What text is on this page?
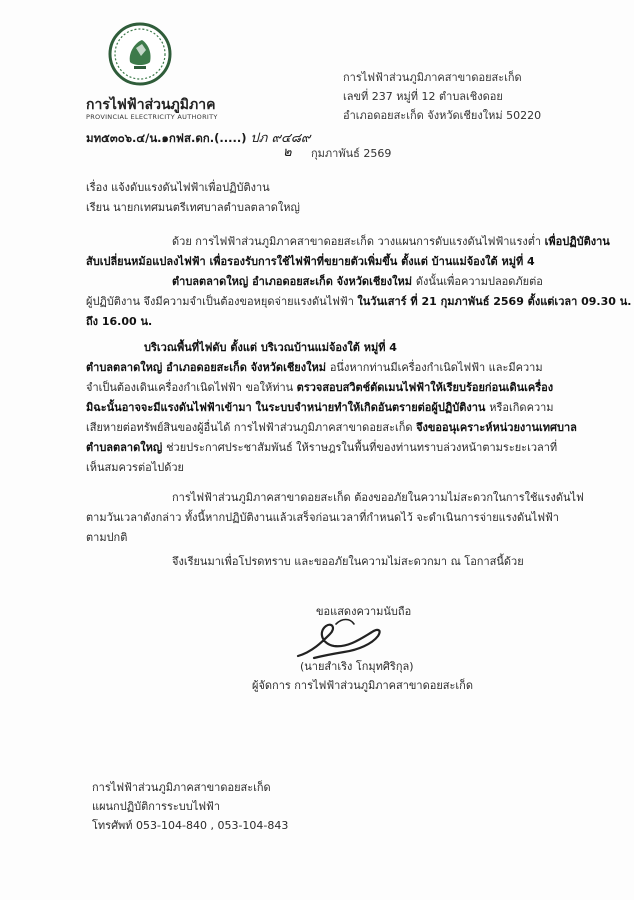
การไฟฟ้าส่วนภูมิภาค
PROVINCIAL ELECTRICITY AUTHORITY
มท๕๓๐๖.๔/น.๑กฟส.ดก.(.....) ปภ ๙๔๘๙
การไฟฟ้าส่วนภูมิภาคสาขาดอยสะเก็ด
เลขที่ 237 หมู่ที่ 12 ตำบลเชิงดอย
อำเภอดอยสะเก็ด จังหวัดเชียงใหม่ 50220
๒ กุมภาพันธ์ 2569
เรื่อง แจ้งดับแรงดันไฟฟ้าเพื่อปฏิบัติงาน
เรียน นายกเทศมนตรีเทศบาลตำบลตลาดใหญ่
ด้วย การไฟฟ้าส่วนภูมิภาคสาขาดอยสะเก็ด วางแผนการดับแรงดันไฟฟ้าแรงต่ำ เพื่อปฏิบัติงาน
สับเปลี่ยนหม้อแปลงไฟฟ้า เพื่อรองรับการใช้ไฟฟ้าที่ขยายตัวเพิ่มขึ้น ตั้งแต่ บ้านแม่จ้องใต้ หมู่ที่ 4
ตำบลตลาดใหญ่ อำเภอดอยสะเก็ด จังหวัดเชียงใหม่ ดังนั้นเพื่อความปลอดภัยต่อ
ผู้ปฏิบัติงาน จึงมีความจำเป็นต้องขอหยุดจ่ายแรงดันไฟฟ้า ในวันเสาร์ ที่ 21 กุมภาพันธ์ 2569 ตั้งแต่เวลา 09.30 น.
ถึง 16.00 น.
บริเวณพื้นที่ไฟดับ ตั้งแต่ บริเวณบ้านแม่จ้องใต้ หมู่ที่ 4
ตำบลตลาดใหญ่ อำเภอดอยสะเก็ด จังหวัดเชียงใหม่ อนึ่งหากท่านมีเครื่องกำเนิดไฟฟ้า และมีความ
จำเป็นต้องเดินเครื่องกำเนิดไฟฟ้า ขอให้ท่าน ตรวจสอบสวิตช์ตัดเมนไฟฟ้าให้เรียบร้อยก่อนเดินเครื่อง
มิฉะนั้นอาจจะมีแรงดันไฟฟ้าเข้ามา ในระบบจำหน่ายทำให้เกิดอันตรายต่อผู้ปฏิบัติงาน หรือเกิดความ
เสียหายต่อทรัพย์สินของผู้อื่นได้ การไฟฟ้าส่วนภูมิภาคสาขาดอยสะเก็ด จึงขออนุเคราะห์หน่วยงานเทศบาล
ตำบลตลาดใหญ่ ช่วยประกาศประชาสัมพันธ์ ให้ราษฎรในพื้นที่ของท่านทราบล่วงหน้าตามระยะเวลาที่
เห็นสมควรต่อไปด้วย
การไฟฟ้าส่วนภูมิภาคสาขาดอยสะเก็ด ต้องขออภัยในความไม่สะดวกในการใช้แรงดันไฟ
ตามวันเวลาดังกล่าว ทั้งนี้หากปฏิบัติงานแล้วเสร็จก่อนเวลาที่กำหนดไว้ จะดำเนินการจ่ายแรงดันไฟฟ้า
ตามปกติ
จึงเรียนมาเพื่อโปรดทราบ และขออภัยในความไม่สะดวกมา ณ โอกาสนี้ด้วย
ขอแสดงความนับถือ
(นายสำเริง โกมุทศิริกุล)
ผู้จัดการ การไฟฟ้าส่วนภูมิภาคสาขาดอยสะเก็ด
การไฟฟ้าส่วนภูมิภาคสาขาดอยสะเก็ด
แผนกปฏิบัติการระบบไฟฟ้า
โทรศัพท์ 053-104-840 , 053-104-843
